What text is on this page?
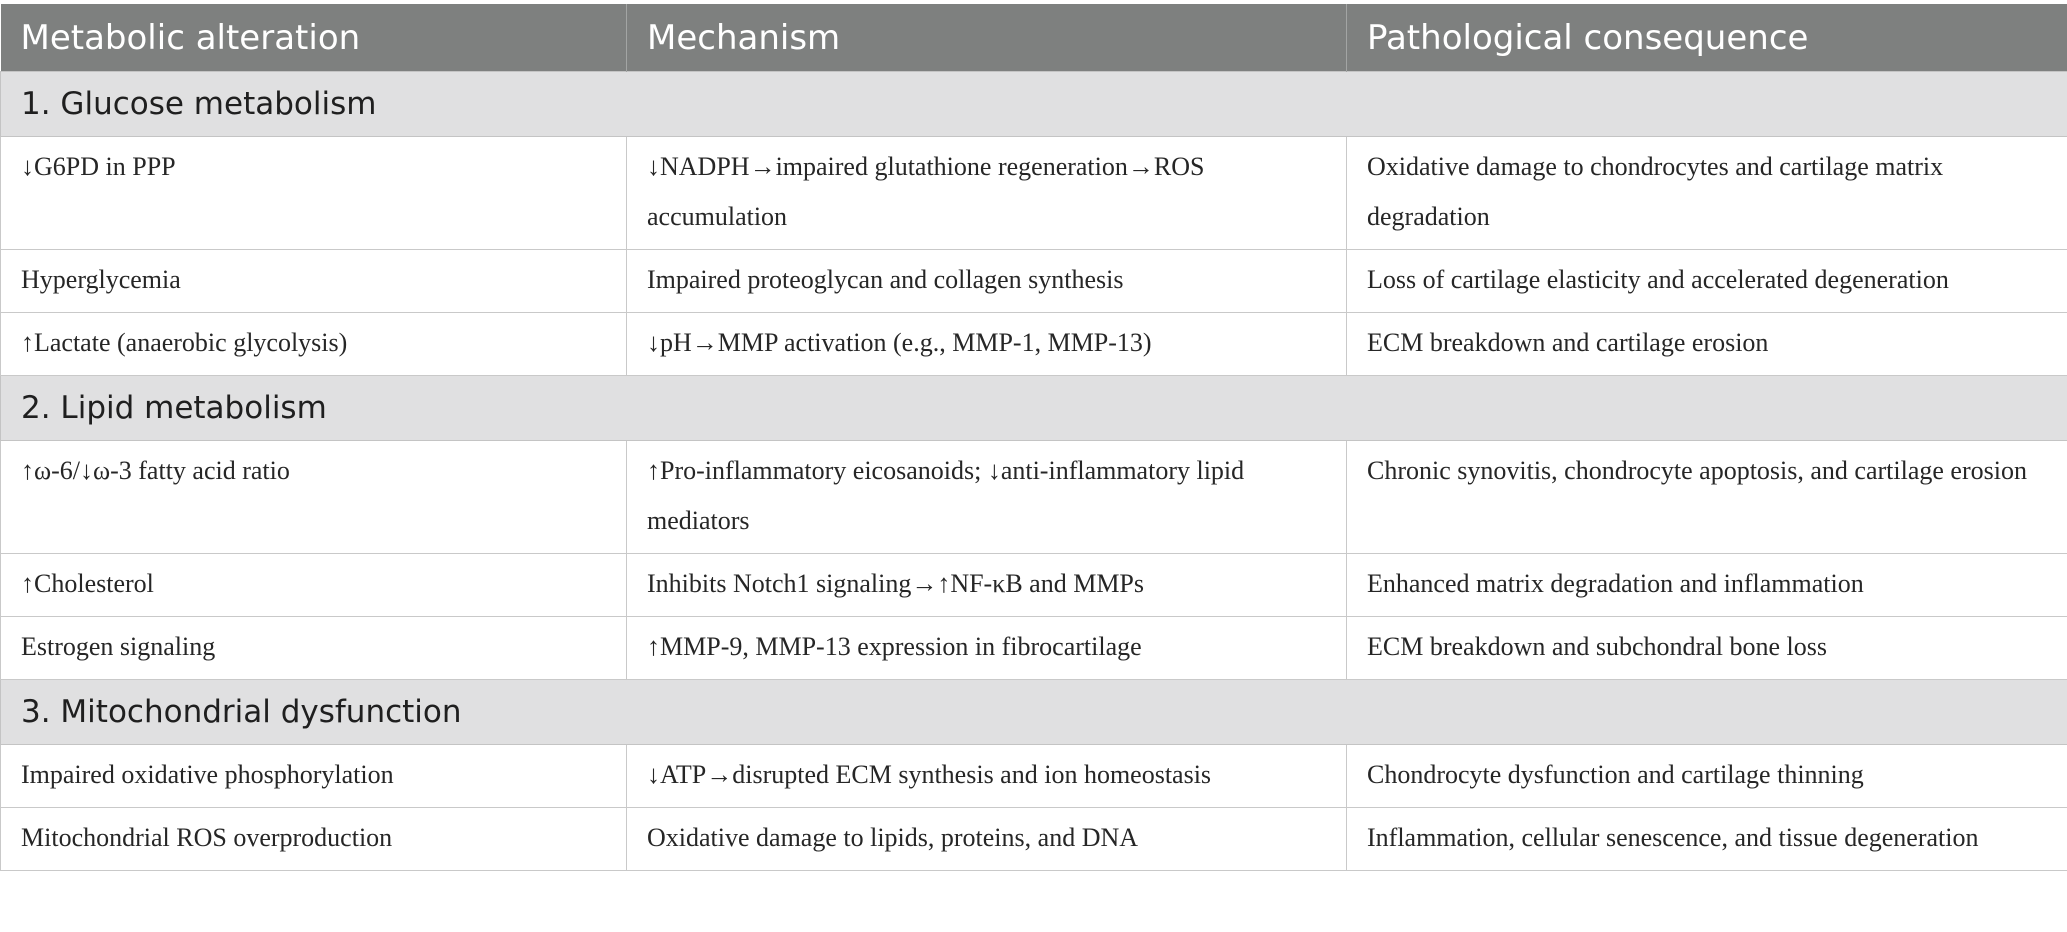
Metabolic alteration	Mechanism	Pathological consequence
1. Glucose metabolism		
↓G6PD in PPP	↓NADPH→impaired glutathione regeneration→ROS accumulation	Oxidative damage to chondrocytes and cartilage matrix degradation
Hyperglycemia	Impaired proteoglycan and collagen synthesis	Loss of cartilage elasticity and accelerated degeneration
↑Lactate (anaerobic glycolysis)	↓pH→MMP activation (e.g., MMP-1, MMP-13)	ECM breakdown and cartilage erosion
2. Lipid metabolism		
↑ω-6/↓ω-3 fatty acid ratio	↑Pro-inflammatory eicosanoids; ↓anti-inflammatory lipid mediators	Chronic synovitis, chondrocyte apoptosis, and cartilage erosion
↑Cholesterol	Inhibits Notch1 signaling→↑NF-κB and MMPs	Enhanced matrix degradation and inflammation
Estrogen signaling	↑MMP-9, MMP-13 expression in fibrocartilage	ECM breakdown and subchondral bone loss
3. Mitochondrial dysfunction		
Impaired oxidative phosphorylation	↓ATP→disrupted ECM synthesis and ion homeostasis	Chondrocyte dysfunction and cartilage thinning
Mitochondrial ROS overproduction	Oxidative damage to lipids, proteins, and DNA	Inflammation, cellular senescence, and tissue degeneration
